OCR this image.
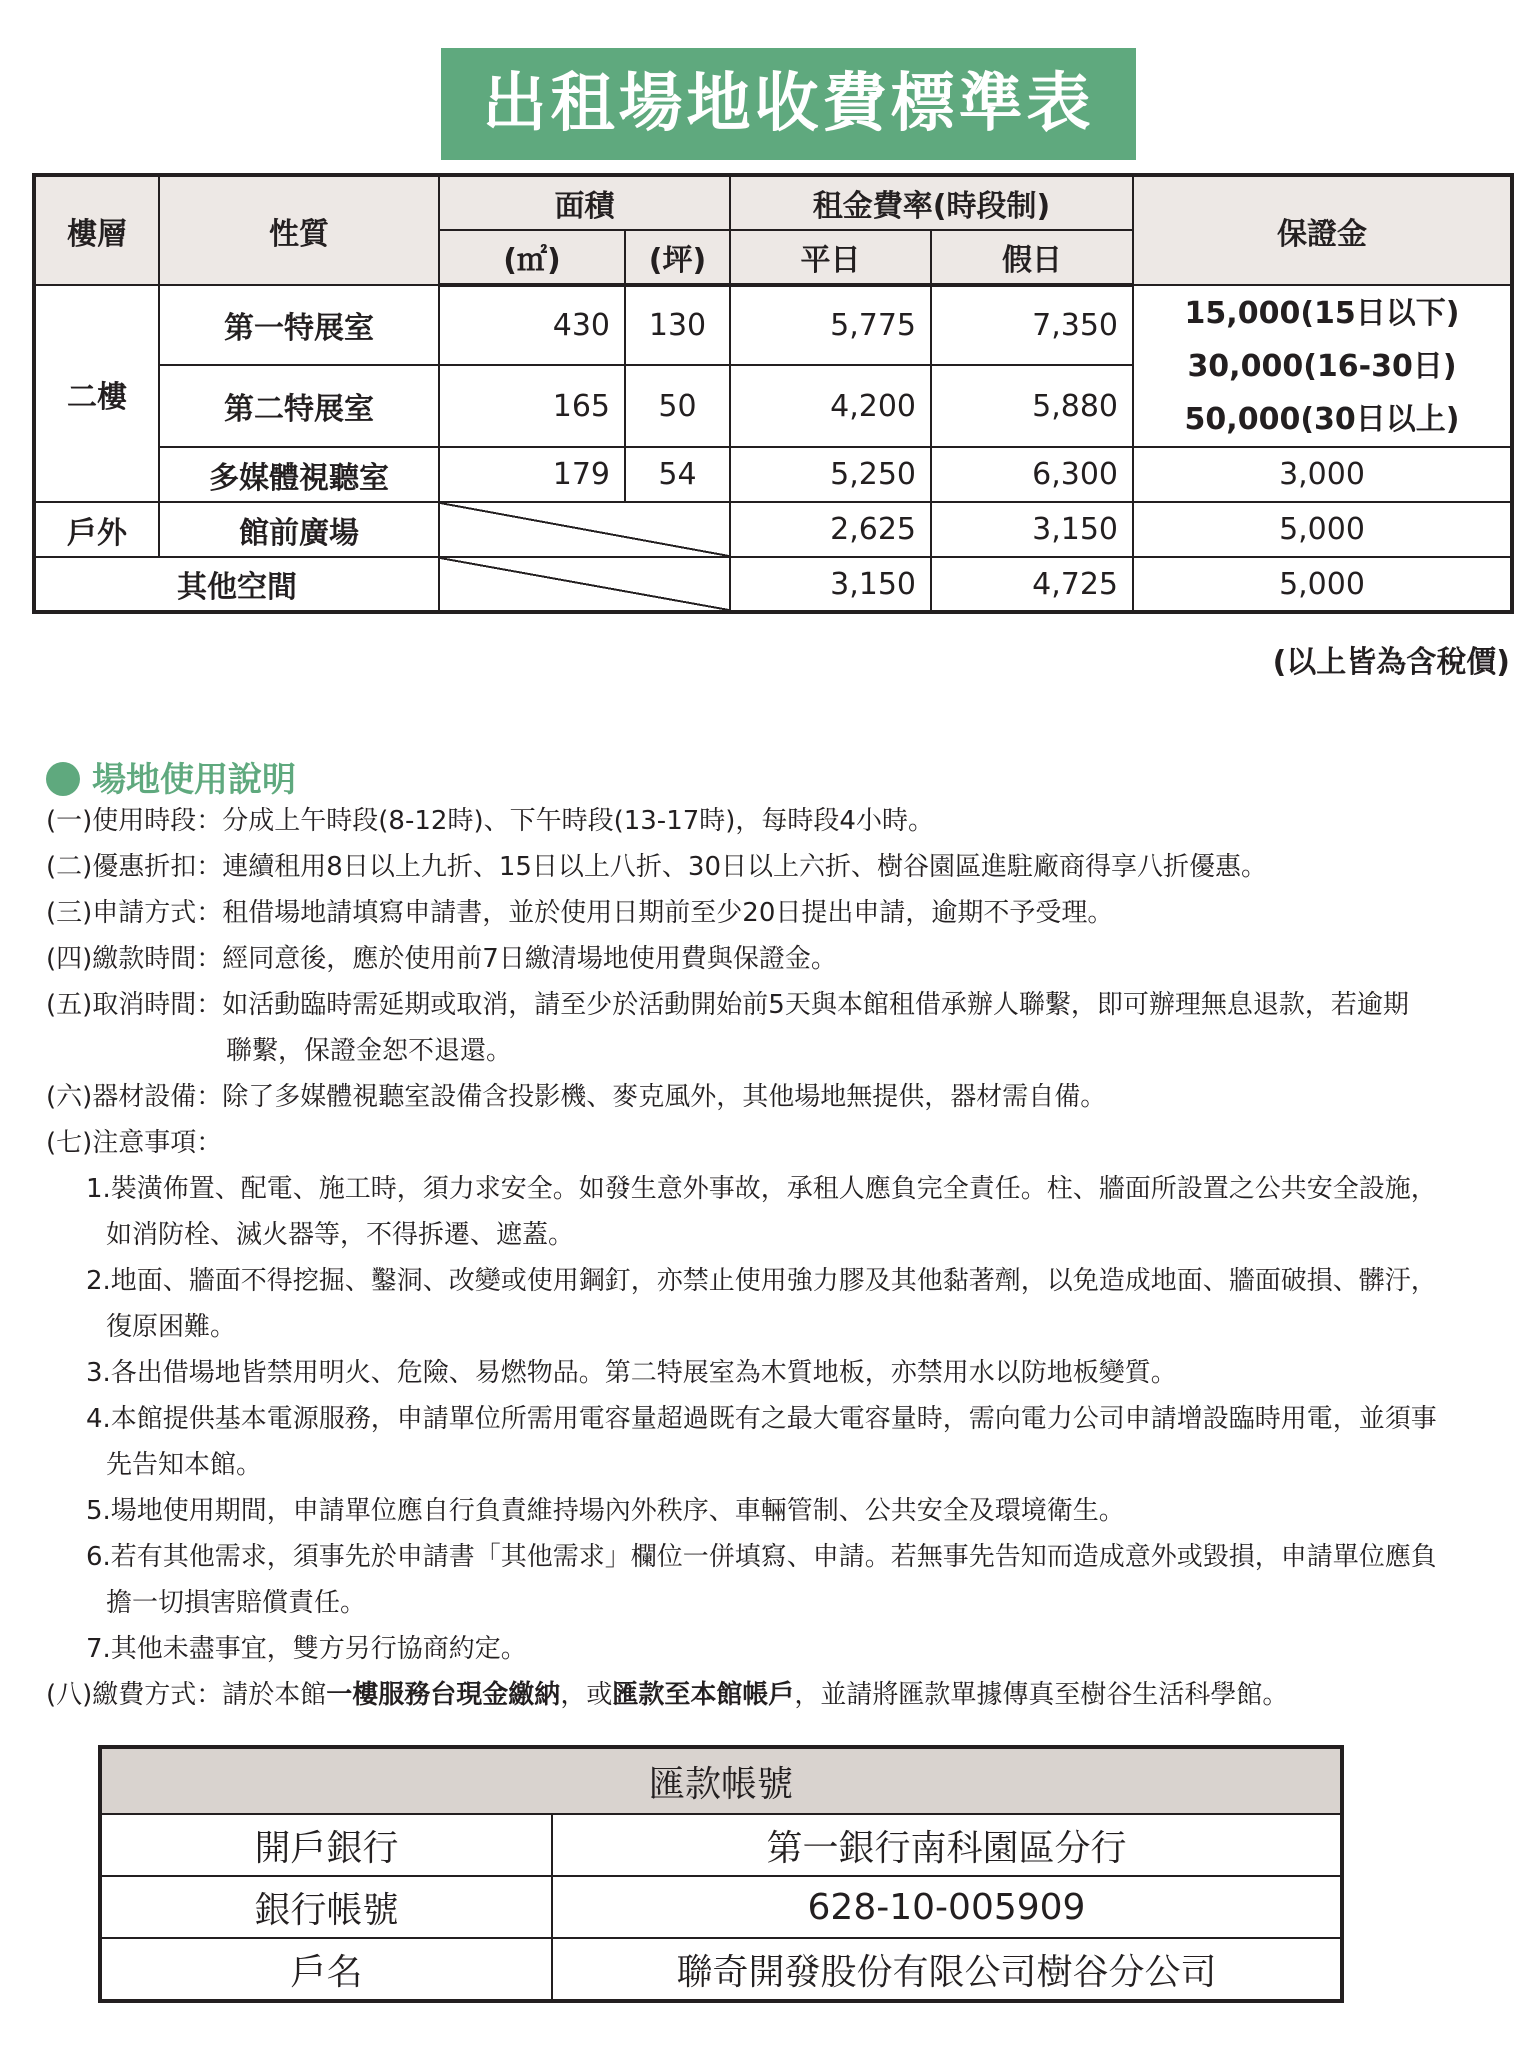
出租場地收費標準表
樓層	性質	面積		租金費率(時段制)		保證金
		(㎡)	(坪)	平日	假日	
二樓	第一特展室	430	130	5,775	7,350	15,000(15日以下)
30,000(16-30日)
50,000(30日以上)

	第二特展室	165	50	4,200	5,880	
	多媒體視聽室	179	54	5,250	6,300	3,000
戶外	館前廣場			2,625	3,150	5,000
其他空間				3,150	4,725	5,000
(以上皆為含稅價)
場地使用說明
(一)使用時段：分成上午時段(8-12時)、下午時段(13-17時)，每時段4小時。
(二)優惠折扣：連續租用8日以上九折、15日以上八折、30日以上六折、樹谷園區進駐廠商得享八折優惠。
(三)申請方式：租借場地請填寫申請書，並於使用日期前至少20日提出申請，逾期不予受理。
(四)繳款時間：經同意後，應於使用前7日繳清場地使用費與保證金。
(五)取消時間：如活動臨時需延期或取消，請至少於活動開始前5天與本館租借承辦人聯繫，即可辦理無息退款，若逾期
聯繫，保證金恕不退還。
(六)器材設備：除了多媒體視聽室設備含投影機、麥克風外，其他場地無提供，器材需自備。
(七)注意事項：
1.裝潢佈置、配電、施工時，須力求安全。如發生意外事故，承租人應負完全責任。柱、牆面所設置之公共安全設施，
如消防栓、滅火器等，不得拆遷、遮蓋。
2.地面、牆面不得挖掘、鑿洞、改變或使用鋼釘，亦禁止使用強力膠及其他黏著劑，以免造成地面、牆面破損、髒汙，
復原困難。
3.各出借場地皆禁用明火、危險、易燃物品。第二特展室為木質地板，亦禁用水以防地板變質。
4.本館提供基本電源服務，申請單位所需用電容量超過既有之最大電容量時，需向電力公司申請增設臨時用電，並須事
先告知本館。
5.場地使用期間，申請單位應自行負責維持場內外秩序、車輛管制、公共安全及環境衛生。
6.若有其他需求，須事先於申請書「其他需求」欄位一併填寫、申請。若無事先告知而造成意外或毀損，申請單位應負
擔一切損害賠償責任。
7.其他未盡事宜，雙方另行協商約定。
(八)繳費方式：請於本館一樓服務台現金繳納，或匯款至本館帳戶，並請將匯款單據傳真至樹谷生活科學館。
匯款帳號	
開戶銀行	第一銀行南科園區分行
銀行帳號	628-10-005909
戶名	聯奇開發股份有限公司樹谷分公司
